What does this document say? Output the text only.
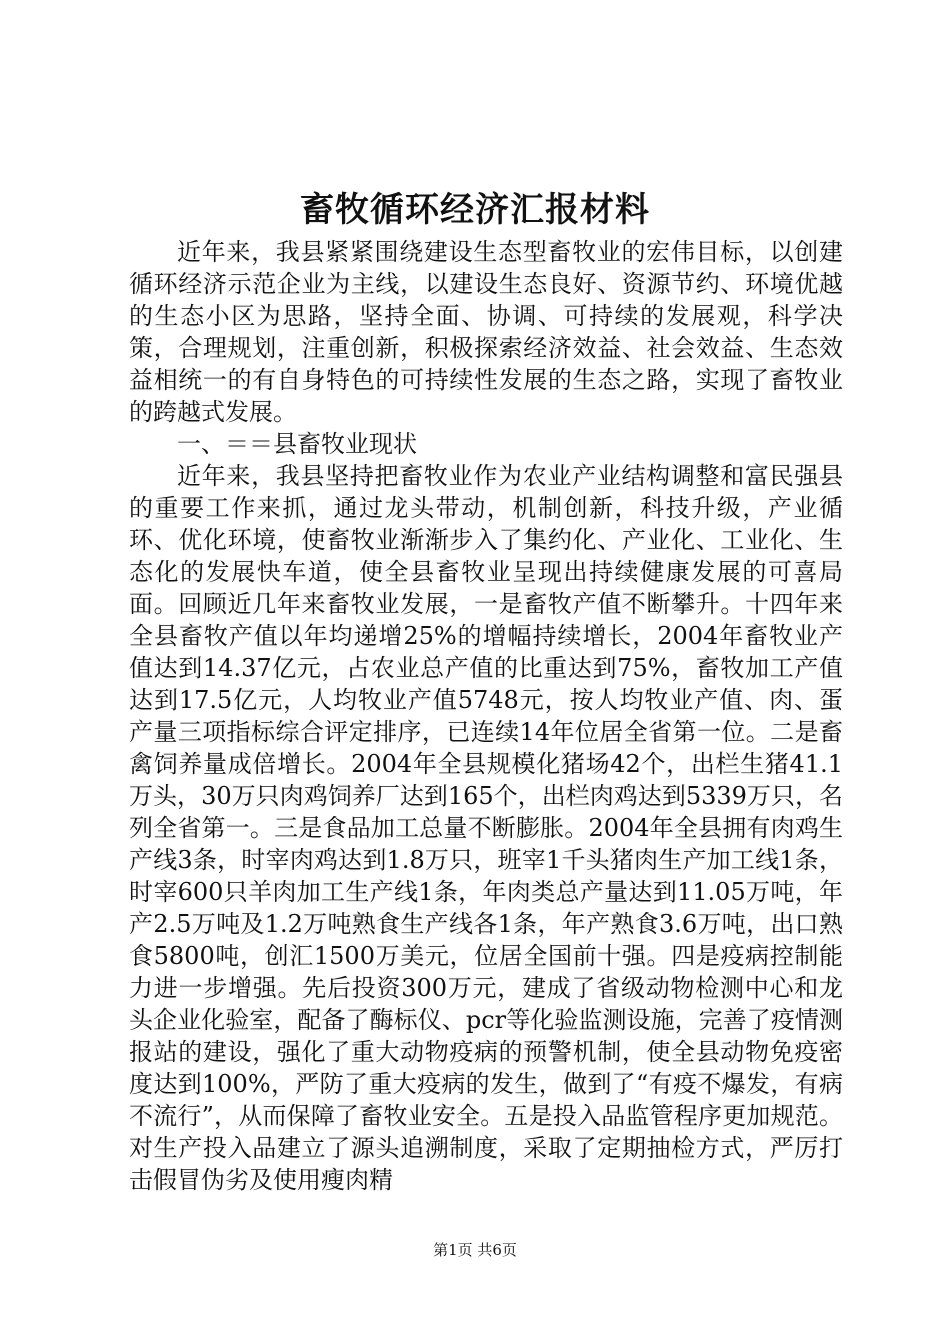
畜牧循环经济汇报材料

近年来，我县紧紧围绕建设生态型畜牧业的宏伟目标，以创建循环经济示范企业为主线，以建设生态良好、资源节约、环境优越的生态小区为思路，坚持全面、协调、可持续的发展观，科学决策，合理规划，注重创新，积极探索经济效益、社会效益、生态效益相统一的有自身特色的可持续性发展的生态之路，实现了畜牧业的跨越式发展。

一、＝＝县畜牧业现状

近年来，我县坚持把畜牧业作为农业产业结构调整和富民强县的重要工作来抓，通过龙头带动，机制创新，科技升级，产业循环、优化环境，使畜牧业渐渐步入了集约化、产业化、工业化、生态化的发展快车道，使全县畜牧业呈现出持续健康发展的可喜局面。回顾近几年来畜牧业发展，一是畜牧产值不断攀升。十四年来全县畜牧产值以年均递增25%的增幅持续增长，2004年畜牧业产值达到14.37亿元，占农业总产值的比重达到75%，畜牧加工产值达到17.5亿元，人均牧业产值5748元，按人均牧业产值、肉、蛋产量三项指标综合评定排序，已连续14年位居全省第一位。二是畜禽饲养量成倍增长。2004年全县规模化猪场42个，出栏生猪41.1万头，30万只肉鸡饲养厂达到165个，出栏肉鸡达到5339万只，名列全省第一。三是食品加工总量不断膨胀。2004年全县拥有肉鸡生产线3条，时宰肉鸡达到1.8万只，班宰1千头猪肉生产加工线1条，时宰600只羊肉加工生产线1条，年肉类总产量达到11.05万吨，年产2.5万吨及1.2万吨熟食生产线各1条，年产熟食3.6万吨，出口熟食5800吨，创汇1500万美元，位居全国前十强。四是疫病控制能力进一步增强。先后投资300万元，建成了省级动物检测中心和龙头企业化验室，配备了酶标仪、pcr等化验监测设施，完善了疫情测报站的建设，强化了重大动物疫病的预警机制，使全县动物免疫密度达到100%，严防了重大疫病的发生，做到了“有疫不爆发，有病不流行”，从而保障了畜牧业安全。五是投入品监管程序更加规范。对生产投入品建立了源头追溯制度，采取了定期抽检方式，严厉打击假冒伪劣及使用瘦肉精

第1页 共6页
